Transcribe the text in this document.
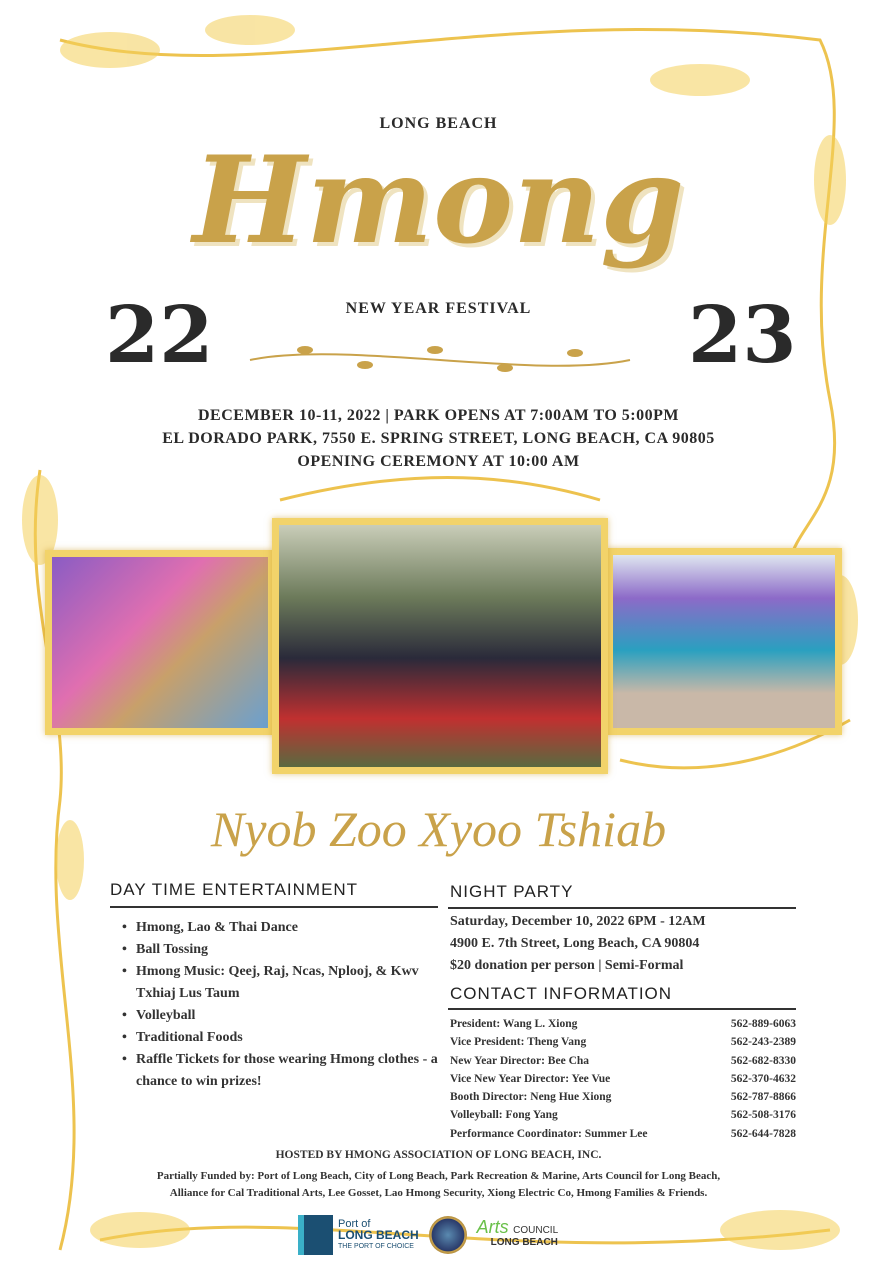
LONG BEACH
Hmong
22	23
NEW YEAR FESTIVAL
DECEMBER 10-11, 2022 | PARK OPENS AT 7:00AM TO 5:00PM
EL DORADO PARK, 7550 E. SPRING STREET, LONG BEACH, CA 90805
OPENING CEREMONY AT 10:00 AM
Nyob Zoo Xyoo Tshiab
DAY TIME ENTERTAINMENT
• Hmong, Lao & Thai Dance
• Ball Tossing
• Hmong Music: Qeej, Raj, Ncas, Nplooj, & Kwv Txhiaj Lus Taum
• Volleyball
• Traditional Foods
• Raffle Tickets for those wearing Hmong clothes - a chance to win prizes!
NIGHT PARTY
Saturday, December 10, 2022 6PM - 12AM
4900 E. 7th Street, Long Beach, CA 90804
$20 donation per person | Semi-Formal
CONTACT INFORMATION
President: Wang L. Xiong	562-889-6063
Vice President: Theng Vang	562-243-2389
New Year Director: Bee Cha	562-682-8330
Vice New Year Director: Yee Vue	562-370-4632
Booth Director: Neng Hue Xiong	562-787-8866
Volleyball: Fong Yang	562-508-3176
Performance Coordinator: Summer Lee	562-644-7828
HOSTED BY HMONG ASSOCIATION OF LONG BEACH, INC.
Partially Funded by: Port of Long Beach, City of Long Beach, Park Recreation & Marine, Arts Council for Long Beach,
Alliance for Cal Traditional Arts, Lee Gosset, Lao Hmong Security, Xiong Electric Co, Hmong Families & Friends.
Port of
LONG BEACH
THE PORT OF CHOICE
Arts COUNCIL
LONG BEACH
